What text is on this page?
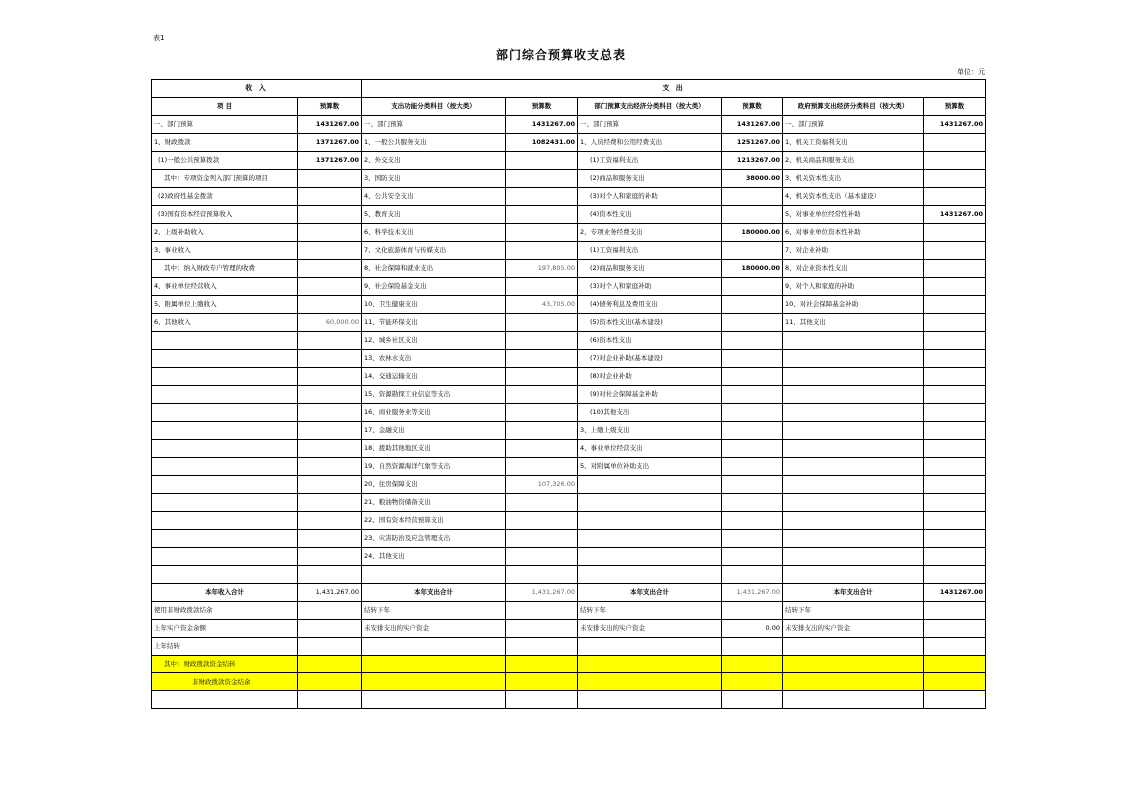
表1
部门综合预算收支总表
单位：元
收 入		支 出					
项 目	预算数	支出功能分类科目（按大类）	预算数	部门预算支出经济分类科目（按大类）	预算数	政府预算支出经济分类科目（按大类）	预算数
一、部门预算	1431267.00	一、部门预算	1431267.00	一、部门预算	1431267.00	一、部门预算	1431267.00
1、财政拨款	1371267.00	1、一般公共服务支出	1082431.00	1、人员经费和公用经费支出	1251267.00	1、机关工资福利支出	
(1)一般公共预算拨款	1371267.00	2、外交支出		(1)工资福利支出	1213267.00	2、机关商品和服务支出	
其中：专项资金列入部门预算的项目		3、国防支出		(2)商品和服务支出	38000.00	3、机关资本性支出	
(2)政府性基金拨款		4、公共安全支出		(3)对个人和家庭的补助		4、机关资本性支出（基本建设）	
(3)国有资本经营预算收入		5、教育支出		(4)资本性支出		5、对事业单位经常性补助	1431267.00
2、上级补助收入		6、科学技术支出		2、专项业务经费支出	180000.00	6、对事业单位资本性补助	
3、事业收入		7、文化旅游体育与传媒支出		(1)工资福利支出		7、对企业补助	
其中：纳入财政专户管理的收费		8、社会保障和就业支出	197,805.00	(2)商品和服务支出	180000.00	8、对企业资本性支出	
4、事业单位经营收入		9、社会保险基金支出		(3)对个人和家庭补助		9、对个人和家庭的补助	
5、附属单位上缴收入		10、卫生健康支出	43,705.00	(4)债务利息及费用支出		10、对社会保障基金补助	
6、其他收入	60,000.00	11、节能环保支出		(5)资本性支出(基本建设)		11、其他支出	
		12、城乡社区支出		(6)资本性支出			
		13、农林水支出		(7)对企业补助(基本建设)			
		14、交通运输支出		(8)对企业补助			
		15、资源勘探工业信息等支出		(9)对社会保障基金补助			
		16、商业服务业等支出		(10)其他支出			
		17、金融支出		3、上缴上级支出			
		18、援助其他地区支出		4、事业单位经营支出			
		19、自然资源海洋气象等支出		5、对附属单位补助支出			
		20、住房保障支出	107,326.00				
		21、粮油物资储备支出					
		22、国有资本经营预算支出					
		23、灾害防治及应急管理支出					
		24、其他支出					

本年收入合计	1,431,267.00	本年支出合计	1,431,267.00	本年支出合计	1,431,267.00	本年支出合计	1431267.00
使用非财政拨款结余		结转下年		结转下年		结转下年	
上年实户资金余额		未安排支出的实户资金		未安排支出的实户资金	0.00	未安排支出的实户资金	
上年结转							
其中：财政拨款资金结转							
非财政拨款资金结余							
